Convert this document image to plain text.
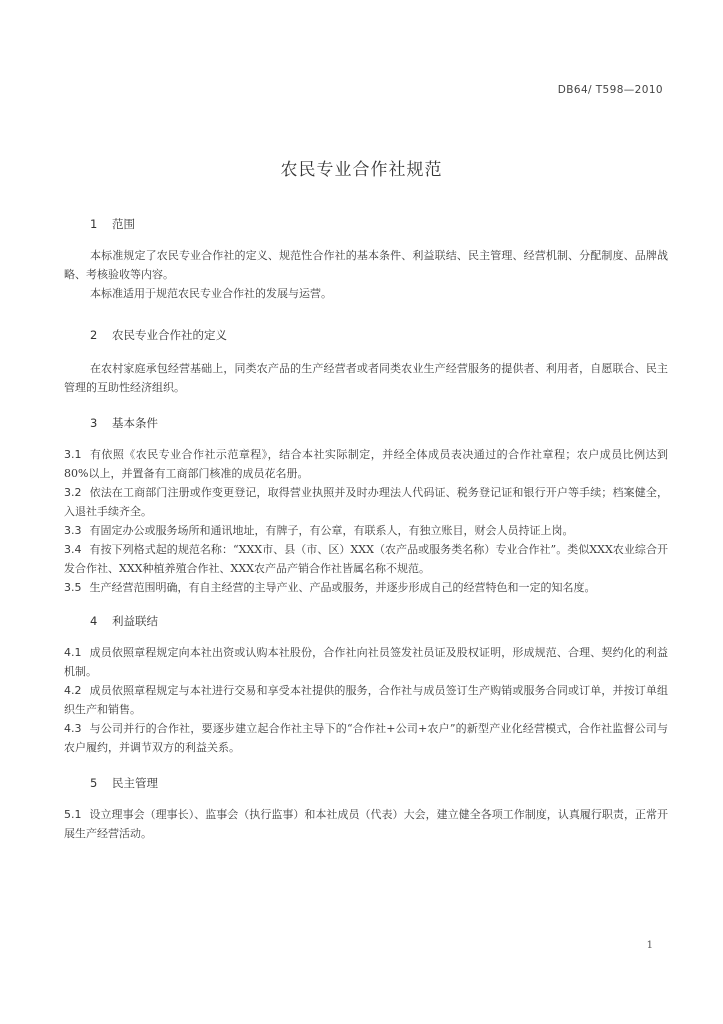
DB64/ T598—2010
农民专业合作社规范
1 范围
本标准规定了农民专业合作社的定义、规范性合作社的基本条件、利益联结、民主管理、经营机制、分配制度、品牌战略、考核验收等内容。
本标准适用于规范农民专业合作社的发展与运营。
2 农民专业合作社的定义
在农村家庭承包经营基础上，同类农产品的生产经营者或者同类农业生产经营服务的提供者、利用者，自愿联合、民主管理的互助性经济组织。
3 基本条件
3.1 有依照《农民专业合作社示范章程》，结合本社实际制定，并经全体成员表决通过的合作社章程；农户成员比例达到80%以上，并置备有工商部门核准的成员花名册。
3.2 依法在工商部门注册或作变更登记，取得营业执照并及时办理法人代码证、税务登记证和银行开户等手续；档案健全，入退社手续齐全。
3.3 有固定办公或服务场所和通讯地址，有牌子，有公章，有联系人，有独立账目，财会人员持证上岗。
3.4 有按下列格式起的规范名称：“XXX市、县（市、区）XXX（农产品或服务类名称）专业合作社”。类似XXX农业综合开发合作社、XXX种植养殖合作社、XXX农产品产销合作社皆属名称不规范。
3.5 生产经营范围明确，有自主经营的主导产业、产品或服务，并逐步形成自己的经营特色和一定的知名度。
4 利益联结
4.1 成员依照章程规定向本社出资或认购本社股份，合作社向社员签发社员证及股权证明，形成规范、合理、契约化的利益机制。
4.2 成员依照章程规定与本社进行交易和享受本社提供的服务，合作社与成员签订生产购销或服务合同或订单，并按订单组织生产和销售。
4.3 与公司并行的合作社，要逐步建立起合作社主导下的“合作社+公司+农户”的新型产业化经营模式，合作社监督公司与农户履约，并调节双方的利益关系。
5 民主管理
5.1 设立理事会（理事长）、监事会（执行监事）和本社成员（代表）大会，建立健全各项工作制度，认真履行职责，正常开展生产经营活动。
1
